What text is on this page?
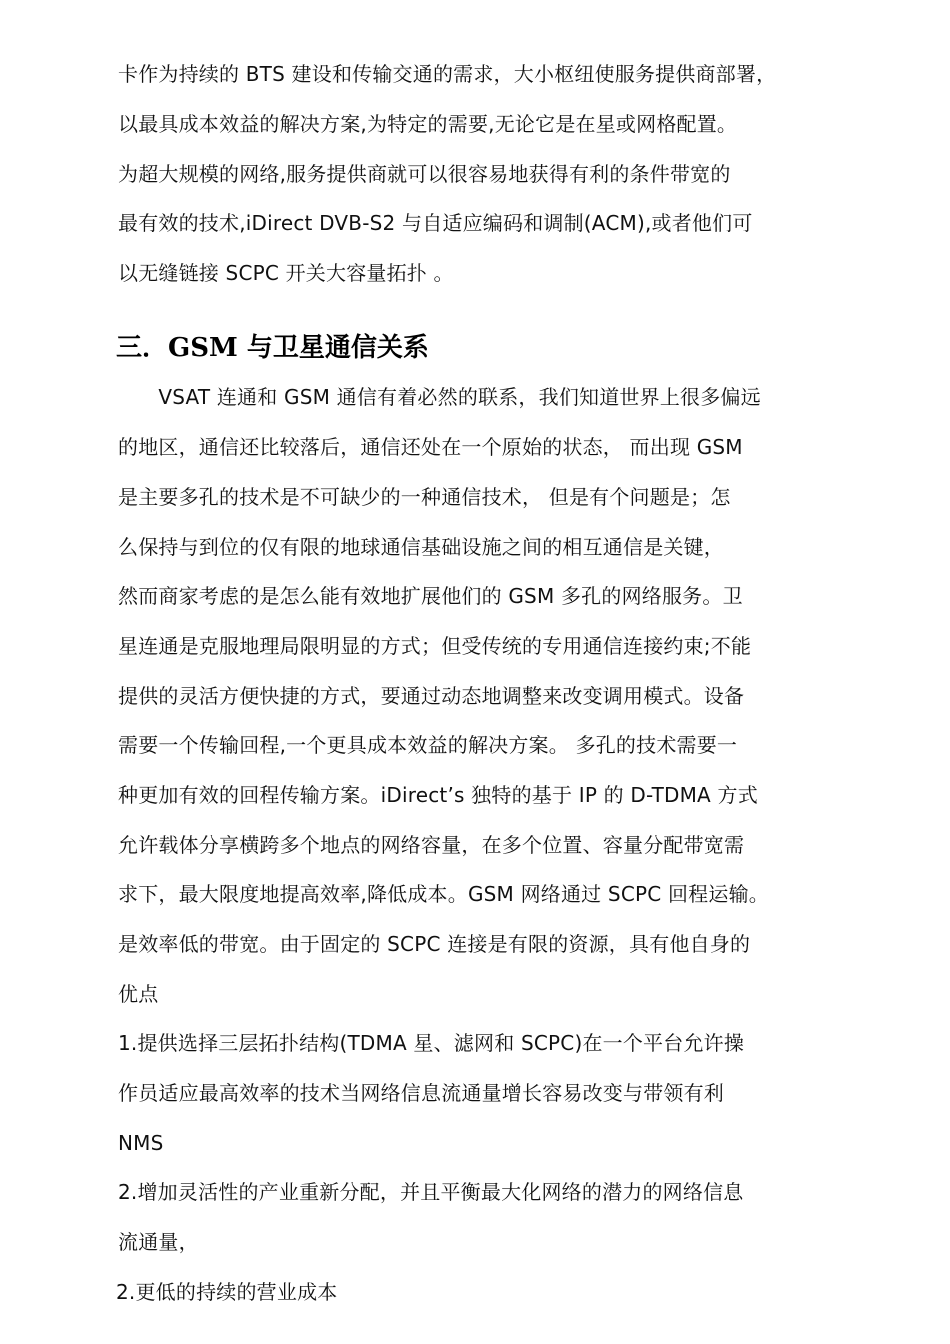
卡作为持续的 BTS 建设和传输交通的需求，大小枢纽使服务提供商部署，
以最具成本效益的解决方案,为特定的需要,无论它是在星或网格配置。
为超大规模的网络,服务提供商就可以很容易地获得有利的条件带宽的
最有效的技术,iDirect DVB-S2 与自适应编码和调制(ACM),或者他们可
以无缝链接 SCPC 开关大容量拓扑 。
三．GSM 与卫星通信关系
　　VSAT 连通和 GSM 通信有着必然的联系，我们知道世界上很多偏远
的地区，通信还比较落后，通信还处在一个原始的状态， 而出现 GSM
是主要多孔的技术是不可缺少的一种通信技术， 但是有个问题是；怎
么保持与到位的仅有限的地球通信基础设施之间的相互通信是关键，
然而商家考虑的是怎么能有效地扩展他们的 GSM 多孔的网络服务。卫
星连通是克服地理局限明显的方式；但受传统的专用通信连接约束;不能
提供的灵活方便快捷的方式，要通过动态地调整来改变调用模式。设备
需要一个传输回程,一个更具成本效益的解决方案。 多孔的技术需要一
种更加有效的回程传输方案。iDirect’s 独特的基于 IP 的 D-TDMA 方式
允许载体分享横跨多个地点的网络容量，在多个位置、容量分配带宽需
求下，最大限度地提高效率,降低成本。GSM 网络通过 SCPC 回程运输。
是效率低的带宽。由于固定的 SCPC 连接是有限的资源，具有他自身的
优点
1.提供选择三层拓扑结构(TDMA 星、滤网和 SCPC)在一个平台允许操
作员适应最高效率的技术当网络信息流通量增长容易改变与带领有利
NMS
2.增加灵活性的产业重新分配，并且平衡最大化网络的潜力的网络信息
流通量，
2.更低的持续的营业成本
